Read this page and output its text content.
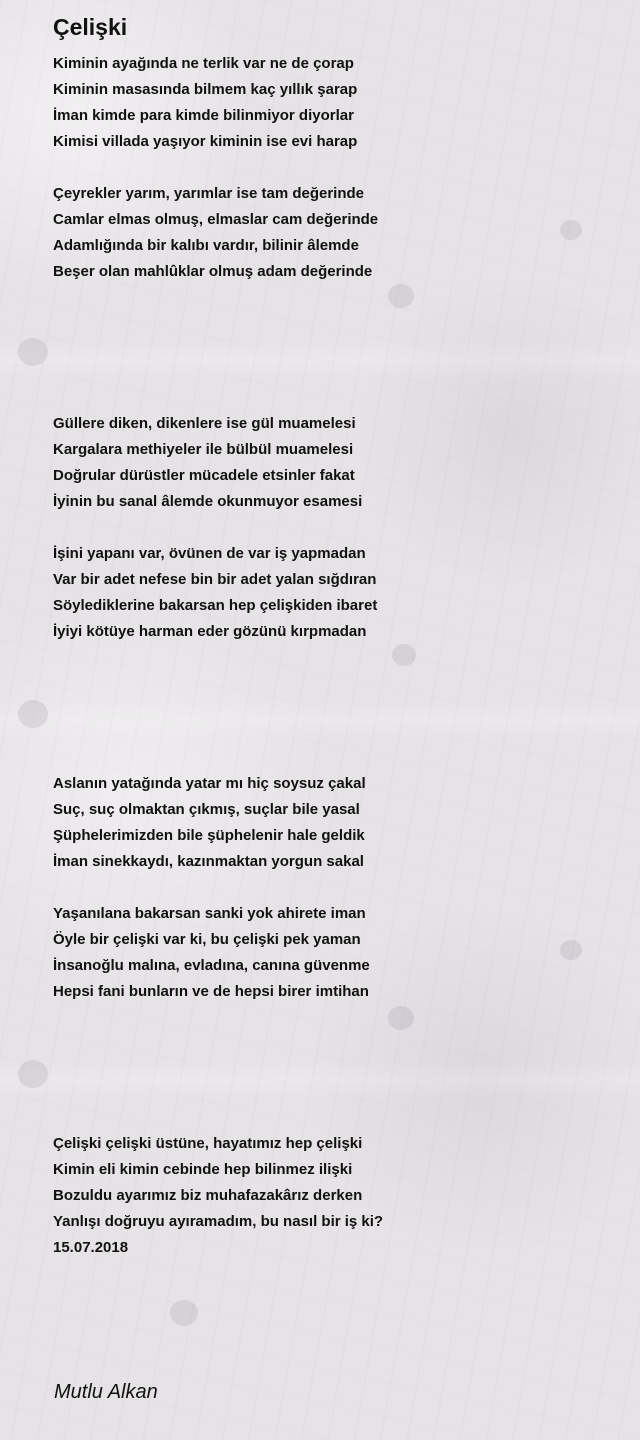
Çelişki
Kiminin ayağında ne terlik var ne de çorap
Kiminin masasında bilmem kaç yıllık şarap
İman kimde para kimde bilinmiyor diyorlar
Kimisi villada yaşıyor kiminin ise evi harap
Çeyrekler yarım, yarımlar ise tam değerinde
Camlar elmas olmuş, elmaslar cam değerinde
Adamlığında bir kalıbı vardır, bilinir âlemde
Beşer olan mahlûklar olmuş adam değerinde
Güllere diken, dikenlere ise gül muamelesi
Kargalara methiyeler ile bülbül muamelesi
Doğrular dürüstler mücadele etsinler fakat
İyinin bu sanal âlemde okunmuyor esamesi
İşini yapanı var, övünen de var iş yapmadan
Var bir adet nefese bin bir adet yalan sığdıran
Söylediklerine bakarsan hep çelişkiden ibaret
İyiyi kötüye harman eder gözünü kırpmadan
Aslanın yatağında yatar mı hiç soysuz çakal
Suç, suç olmaktan çıkmış, suçlar bile yasal
Şüphelerimizden bile şüphelenir hale geldik
İman sinekkaydı, kazınmaktan yorgun sakal
Yaşanılana bakarsan sanki yok ahirete iman
Öyle bir çelişki var ki, bu çelişki pek yaman
İnsanoğlu malına, evladına, canına güvenme
Hepsi fani bunların ve de hepsi birer imtihan
Çelişki çelişki üstüne, hayatımız hep çelişki
Kimin eli kimin cebinde hep bilinmez ilişki
Bozuldu ayarımız biz muhafazakârız derken
Yanlışı doğruyu ayıramadım, bu nasıl bir iş ki?
15.07.2018
Mutlu Alkan
